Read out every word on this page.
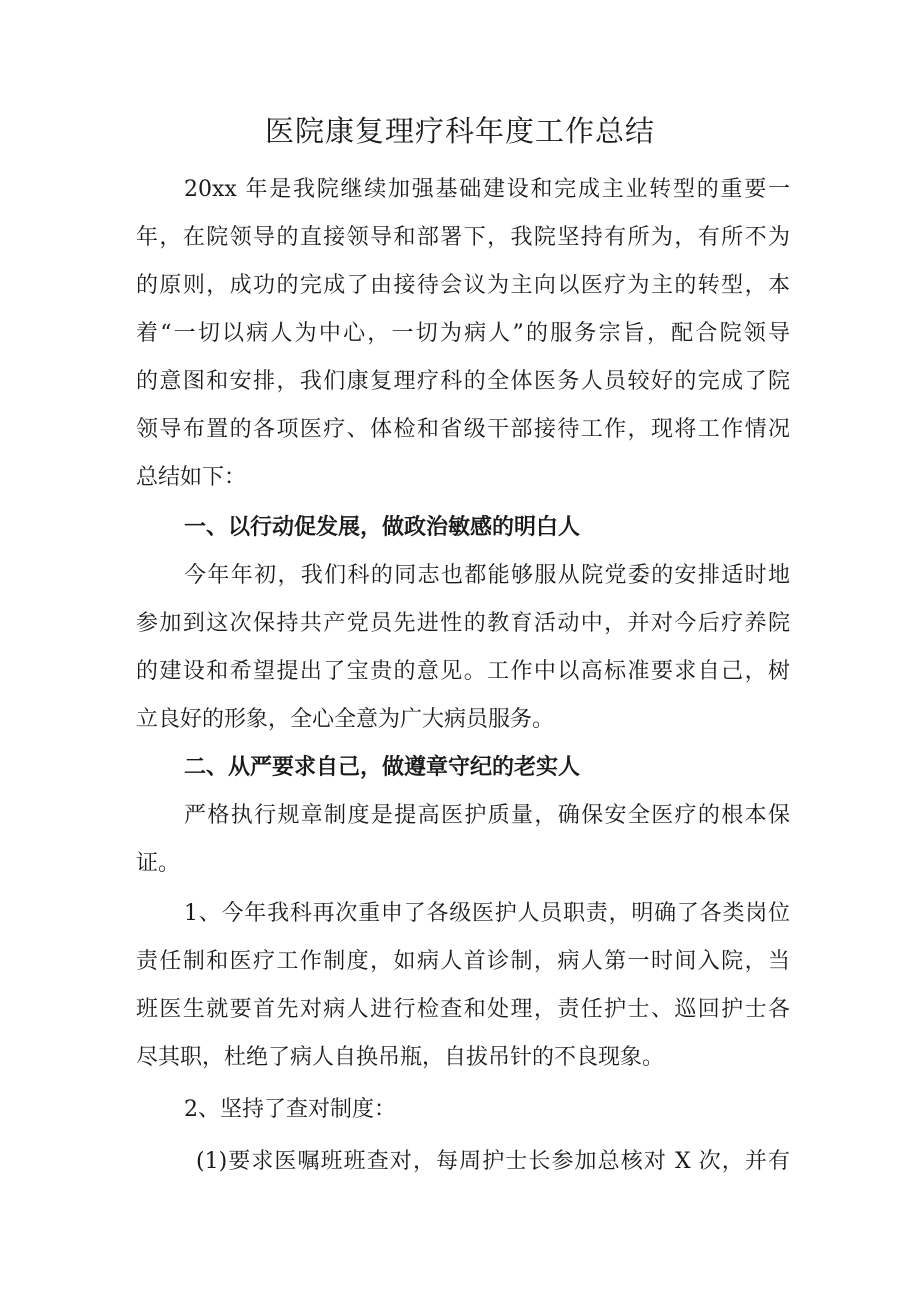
医院康复理疗科年度工作总结
20xx 年是我院继续加强基础建设和完成主业转型的重要一
年，在院领导的直接领导和部署下，我院坚持有所为，有所不为
的原则，成功的完成了由接待会议为主向以医疗为主的转型，本
着“一切以病人为中心，一切为病人”的服务宗旨，配合院领导
的意图和安排，我们康复理疗科的全体医务人员较好的完成了院
领导布置的各项医疗、体检和省级干部接待工作，现将工作情况
总结如下：
一、以行动促发展，做政治敏感的明白人
今年年初，我们科的同志也都能够服从院党委的安排适时地
参加到这次保持共产党员先进性的教育活动中，并对今后疗养院
的建设和希望提出了宝贵的意见。工作中以高标准要求自己，树
立良好的形象，全心全意为广大病员服务。
二、从严要求自己，做遵章守纪的老实人
严格执行规章制度是提高医护质量，确保安全医疗的根本保
证。
1、今年我科再次重申了各级医护人员职责，明确了各类岗位
责任制和医疗工作制度，如病人首诊制，病人第一时间入院，当
班医生就要首先对病人进行检查和处理，责任护士、巡回护士各
尽其职，杜绝了病人自换吊瓶，自拔吊针的不良现象。
2、坚持了查对制度：
(1)要求医嘱班班查对，每周护士长参加总核对 X 次，并有
